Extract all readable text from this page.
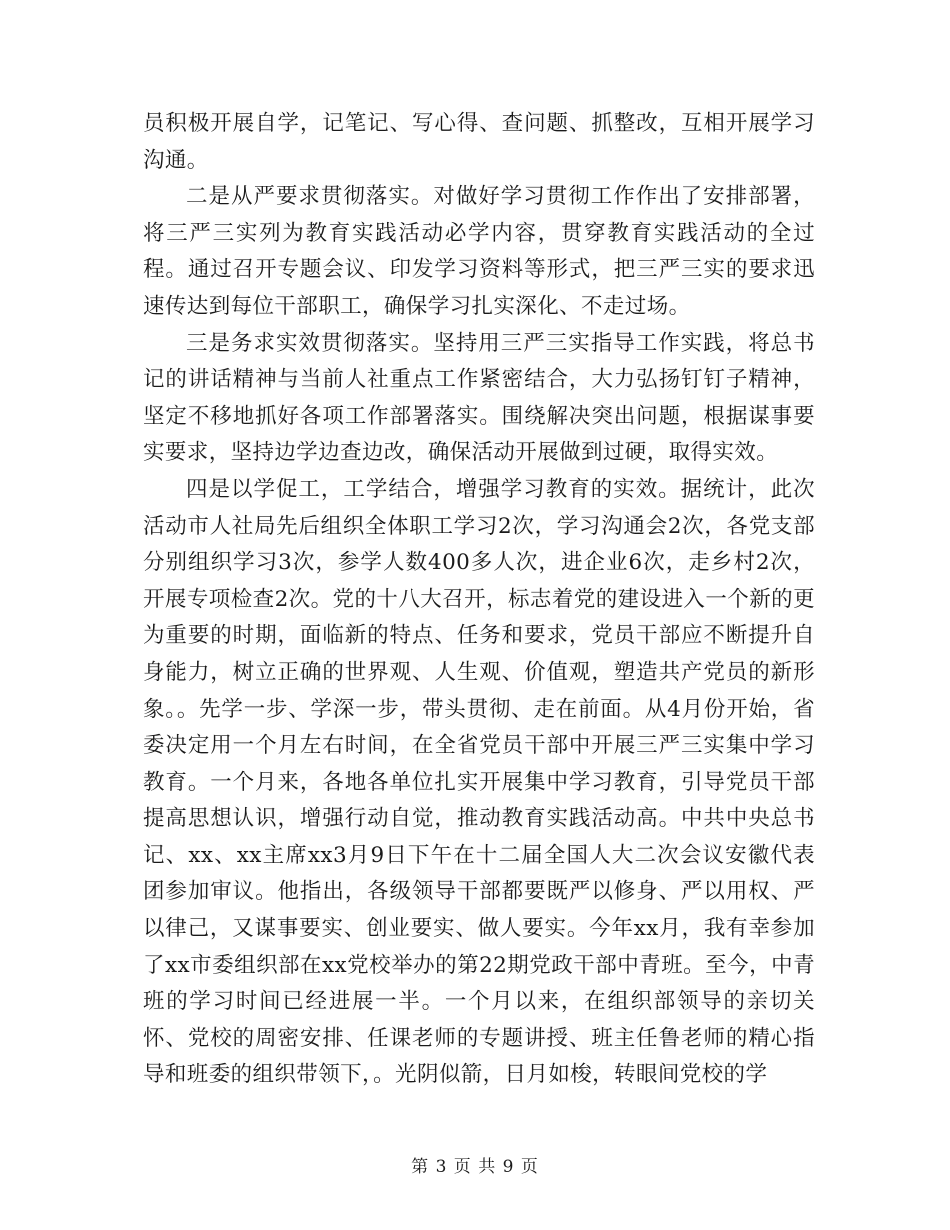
员积极开展自学，记笔记、写心得、查问题、抓整改，互相开展学习沟通。

二是从严要求贯彻落实。对做好学习贯彻工作作出了安排部署，将三严三实列为教育实践活动必学内容，贯穿教育实践活动的全过程。通过召开专题会议、印发学习资料等形式，把三严三实的要求迅速传达到每位干部职工，确保学习扎实深化、不走过场。

三是务求实效贯彻落实。坚持用三严三实指导工作实践，将总书记的讲话精神与当前人社重点工作紧密结合，大力弘扬钉钉子精神，坚定不移地抓好各项工作部署落实。围绕解决突出问题，根据谋事要实要求，坚持边学边查边改，确保活动开展做到过硬，取得实效。

四是以学促工，工学结合，增强学习教育的实效。据统计，此次活动市人社局先后组织全体职工学习2次，学习沟通会2次，各党支部分别组织学习3次，参学人数400多人次，进企业6次，走乡村2次，开展专项检查2次。党的十八大召开，标志着党的建设进入一个新的更为重要的时期，面临新的特点、任务和要求，党员干部应不断提升自身能力，树立正确的世界观、人生观、价值观，塑造共产党员的新形象。。先学一步、学深一步，带头贯彻、走在前面。从4月份开始，省委决定用一个月左右时间，在全省党员干部中开展三严三实集中学习教育。一个月来，各地各单位扎实开展集中学习教育，引导党员干部提高思想认识，增强行动自觉，推动教育实践活动高。中共中央总书记、xx、xx主席xx3月9日下午在十二届全国人大二次会议安徽代表团参加审议。他指出，各级领导干部都要既严以修身、严以用权、严以律己，又谋事要实、创业要实、做人要实。今年xx月，我有幸参加了xx市委组织部在xx党校举办的第22期党政干部中青班。至今，中青班的学习时间已经进展一半。一个月以来，在组织部领导的亲切关怀、党校的周密安排、任课老师的专题讲授、班主任鲁老师的精心指导和班委的组织带领下，。光阴似箭，日月如梭，转眼间党校的学

第 3 页 共 9 页
